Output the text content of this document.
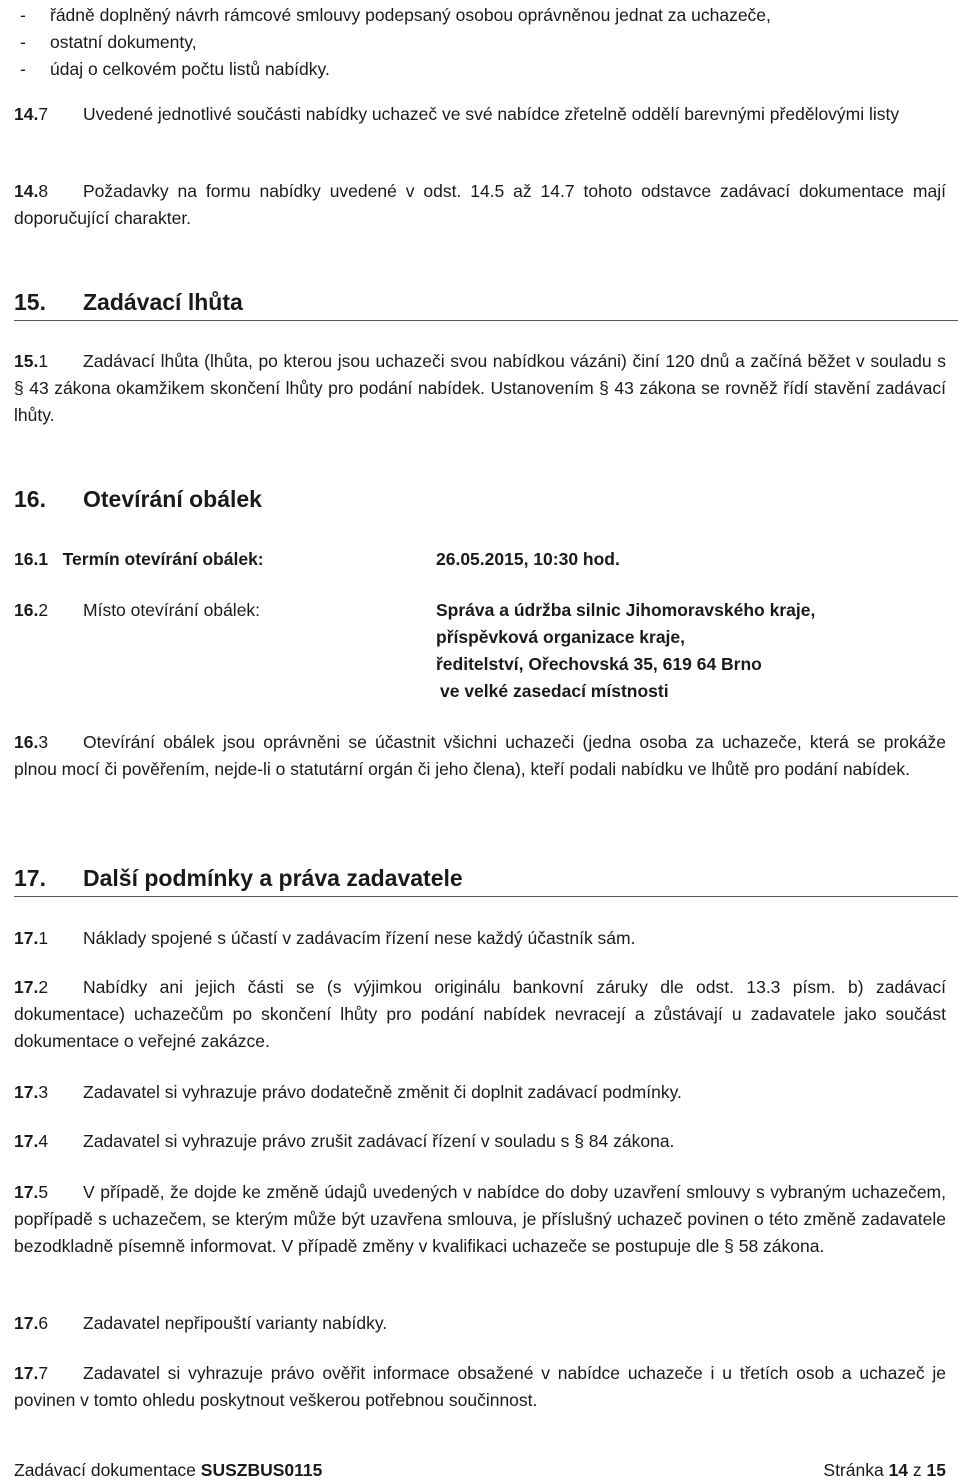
- řádně doplněný návrh rámcové smlouvy podepsaný osobou oprávněnou jednat za uchazeče,
- ostatní dokumenty,
- údaj o celkovém počtu listů nabídky.
14.7 Uvedené jednotlivé součásti nabídky uchazeč ve své nabídce zřetelně oddělí barevnými předělovými listy
14.8 Požadavky na formu nabídky uvedené v odst. 14.5 až 14.7 tohoto odstavce zadávací dokumentace mají doporučující charakter.
15. Zadávací lhůta
15.1 Zadávací lhůta (lhůta, po kterou jsou uchazeči svou nabídkou vázáni) činí 120 dnů a začíná běžet v souladu s § 43 zákona okamžikem skončení lhůty pro podání nabídek. Ustanovením § 43 zákona se rovněž řídí stavění zadávací lhůty.
16. Otevírání obálek
16.1   Termín otevírání obálek:	26.05.2015, 10:30 hod.
16.2 Místo otevírání obálek:	Správa a údržba silnic Jihomoravského kraje,
příspěvková organizace kraje,
ředitelství, Ořechovská 35, 619 64 Brno
ve velké zasedací místnosti
16.3 Otevírání obálek jsou oprávněni se účastnit všichni uchazeči (jedna osoba za uchazeče, která se prokáže plnou mocí či pověřením, nejde-li o statutární orgán či jeho člena), kteří podali nabídku ve lhůtě pro podání nabídek.
17. Další podmínky a práva zadavatele
17.1 Náklady spojené s účastí v zadávacím řízení nese každý účastník sám.
17.2 Nabídky ani jejich části se (s výjimkou originálu bankovní záruky dle odst. 13.3 písm. b) zadávací dokumentace) uchazečům po skončení lhůty pro podání nabídek nevracejí a zůstávají u zadavatele jako součást dokumentace o veřejné zakázce.
17.3 Zadavatel si vyhrazuje právo dodatečně změnit či doplnit zadávací podmínky.
17.4 Zadavatel si vyhrazuje právo zrušit zadávací řízení v souladu s § 84 zákona.
17.5 V případě, že dojde ke změně údajů uvedených v nabídce do doby uzavření smlouvy s vybraným uchazečem, popřípadě s uchazečem, se kterým může být uzavřena smlouva, je příslušný uchazeč povinen o této změně zadavatele bezodkladně písemně informovat. V případě změny v kvalifikaci uchazeče se postupuje dle § 58 zákona.
17.6 Zadavatel nepřipouští varianty nabídky.
17.7 Zadavatel si vyhrazuje právo ověřit informace obsažené v nabídce uchazeče i u třetích osob a uchazeč je povinen v tomto ohledu poskytnout veškerou potřebnou součinnost.
Zadávací dokumentace SUSZBUS0115	Stránka 14 z 15
